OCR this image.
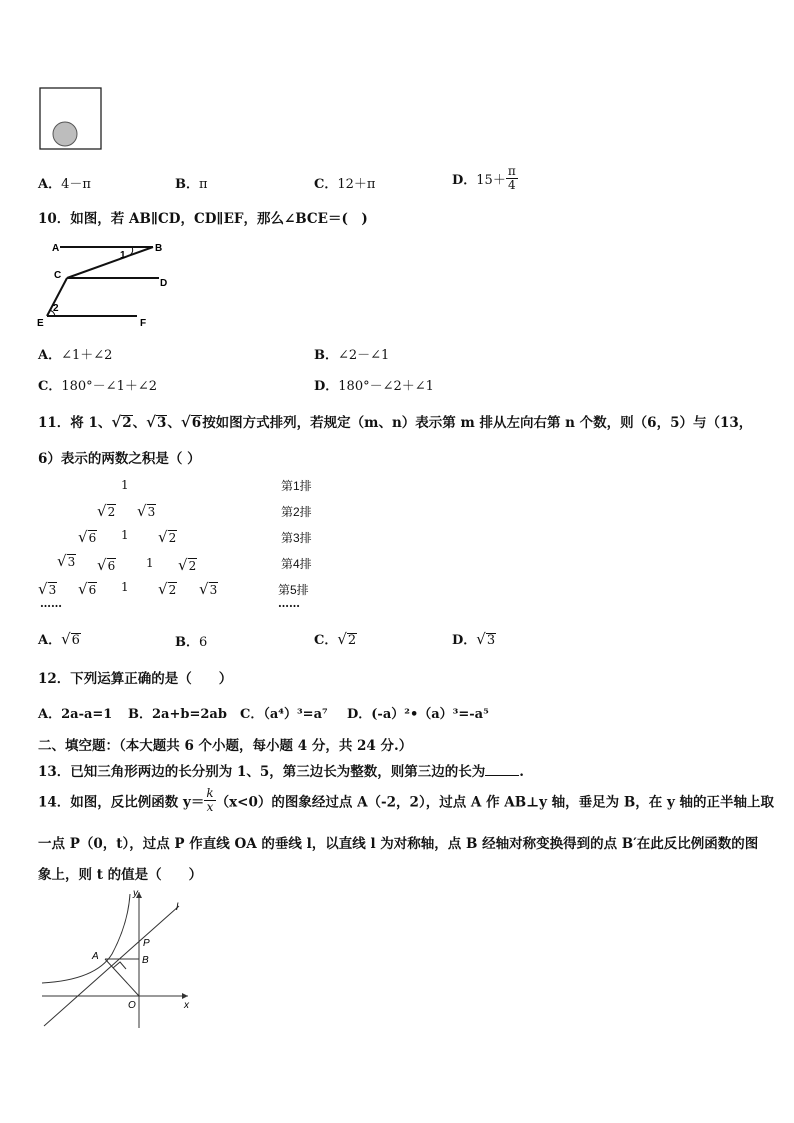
A．4－π	B．π	C．12＋π	D．$15+ \frac{\pi}{4}$
10．如图，若 AB∥CD，CD∥EF，那么∠BCE＝(　)
A	B
C
D
E	F
1
2
A．∠1＋∠2	B．∠2－∠1
C．180°－∠1＋∠2	D．180°－∠2＋∠1
11．将 1、√2、√3、√6按如图方式排列，若规定（m、n）表示第 m 排从左向右第 n 个数，则（6，5）与（13，
6）表示的两数之积是（ ）
1
√2 √3
√6 1 √2
√3 √6	1 √2
√3 √6 1 √2 √3
……
第1排
第2排
第3排
第4排
第5排
……
A．√6	B．6	C．√2	D．√3
12．下列运算正确的是（　　）
A．2a-a=1 B．2a+b=2ab C．（a⁴）³=a⁷ D．(-a）²•（a）³=-a⁵
二、填空题：（本大题共 6 个小题，每小题 4 分，共 24 分.）
13．已知三角形两边的长分别为 1、5，第三边长为整数，则第三边的长为	.
14．如图，反比例函数 $y= \frac{k}{x} (x<0)$的图象经过点 A（-2，2），过点 A 作 AB⊥y 轴，垂足为 B，在 y 轴的正半轴上取
一点 P（0，t），过点 P 作直线 OA 的垂线 l，以直线 l 为对称轴，点 B 经轴对称变换得到的点 B′在此反比例函数的图
象上，则 t 的值是（　　）
y
x
l
A	B
P
O
